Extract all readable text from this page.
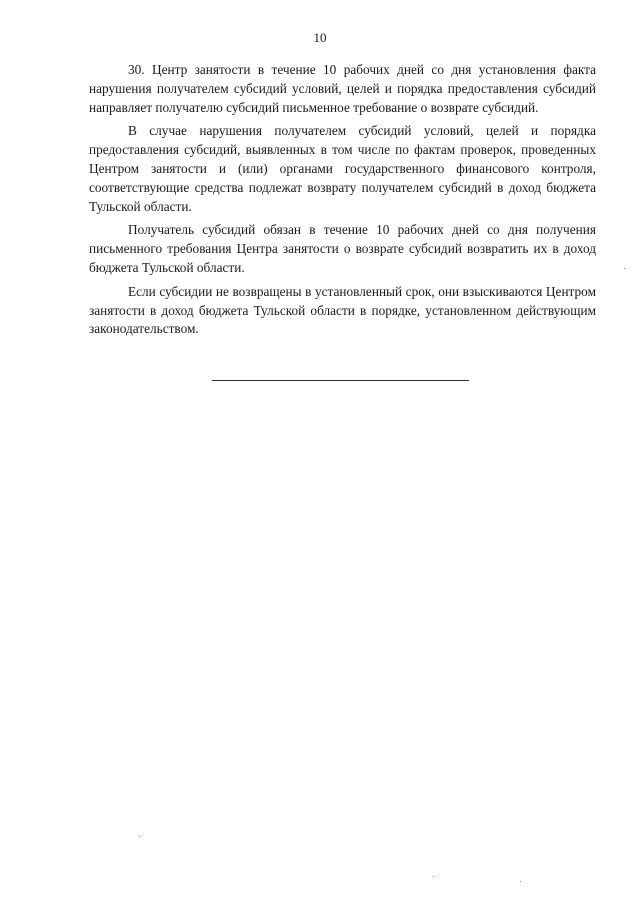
10

30. Центр занятости в течение 10 рабочих дней со дня установления факта нарушения получателем субсидий условий, целей и порядка предоставления субсидий направляет получателю субсидий письменное требование о возврате субсидий.

В случае нарушения получателем субсидий условий, целей и порядка предоставления субсидий, выявленных в том числе по фактам проверок, проведенных Центром занятости и (или) органами государственного финансового контроля, соответствующие средства подлежат возврату получателем субсидий в доход бюджета Тульской области.

Получатель субсидий обязан в течение 10 рабочих дней со дня получения письменного требования Центра занятости о возврате субсидий возвратить их в доход бюджета Тульской области.

Если субсидии не возвращены в установленный срок, они взыскиваются Центром занятости в доход бюджета Тульской области в порядке, установленном действующим законодательством.
